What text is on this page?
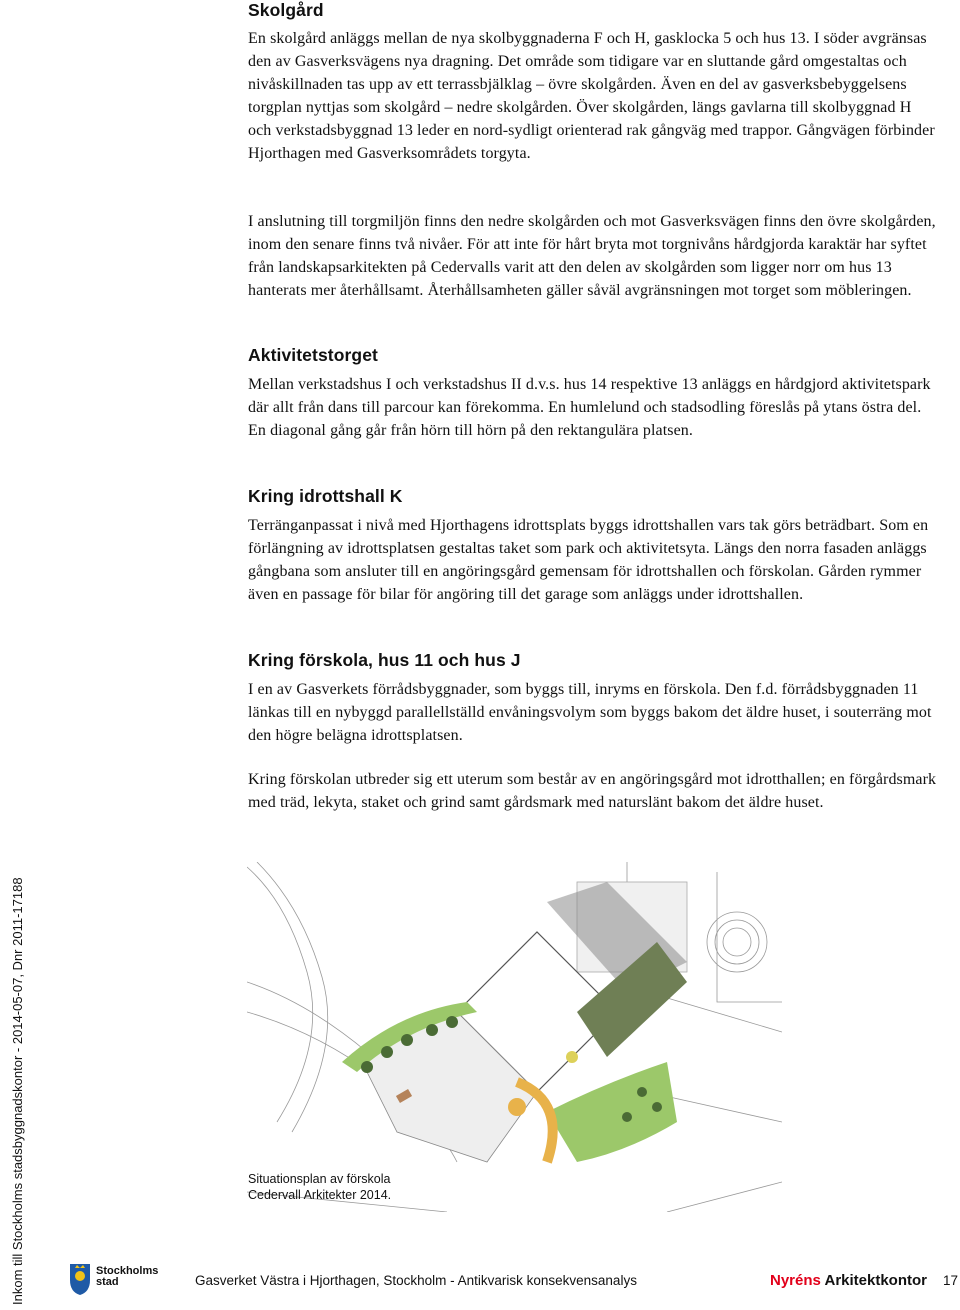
Skolgård

En skolgård anläggs mellan de nya skolbyggnaderna F och H, gasklocka 5 och hus 13. I söder avgränsas den av Gasverksvägens nya dragning. Det område som tidigare var en sluttande gård omgestaltas och nivåskillnaden tas upp av ett terrassbjälklag – övre skolgården. Även en del av gasverksbebyggelsens torgplan nyttjas som skolgård – nedre skolgården. Över skolgården, längs gavlarna till skolbyggnad H och verkstadsbyggnad 13 leder en nord-sydligt orienterad rak gångväg med trappor. Gångvägen förbinder Hjorthagen med Gasverksområdets torgyta.

I anslutning till torgmiljön finns den nedre skolgården och mot Gasverksvägen finns den övre skolgården, inom den senare finns två nivåer. För att inte för hårt bryta mot torgnivåns hårdgjorda karaktär har syftet från landskapsarkitekten på Cedervalls varit att den delen av skolgården som ligger norr om hus 13 hanterats mer återhållsamt. Återhållsamheten gäller såväl avgränsningen mot torget som möbleringen.

Aktivitetstorget

Mellan verkstadshus I och verkstadshus II d.v.s. hus 14 respektive 13 anläggs en hårdgjord aktivitetspark där allt från dans till parcour kan förekomma. En humlelund och stadsodling föreslås på ytans östra del. En diagonal gång går från hörn till hörn på den rektangulära platsen.

Kring idrottshall K

Terränganpassat i nivå med Hjorthagens idrottsplats byggs idrottshallen vars tak görs beträdbart. Som en förlängning av idrottsplatsen gestaltas taket som park och aktivitetsyta. Längs den norra fasaden anläggs gångbana som ansluter till en angöringsgård gemensam för idrottshallen och förskolan. Gården rymmer även en passage för bilar för angöring till det garage som anläggs under idrottshallen.

Kring förskola, hus 11 och hus J

I en av Gasverkets förrådsbyggnader, som byggs till, inryms en förskola. Den f.d. förrådsbyggnaden 11 länkas till en nybyggd parallellställd envåningsvolym som byggs bakom det äldre huset, i souterräng mot den högre belägna idrottsplatsen.

Kring förskolan utbreder sig ett uterum som består av en angöringsgård mot idrotthallen; en förgårdsmark med träd, lekyta, staket och grind samt gårdsmark med naturslänt bakom det äldre huset.

Inkom till Stockholms stadsbyggnadskontor - 2014-05-07, Dnr 2011-17188	Situationsplan av förskola
Cedervall Arkitekter 2014.
Stockholms
stad	Gasverket Västra i Hjorthagen, Stockholm - Antikvarisk konsekvensanalys	Nyréns Arkitektkontor 17
